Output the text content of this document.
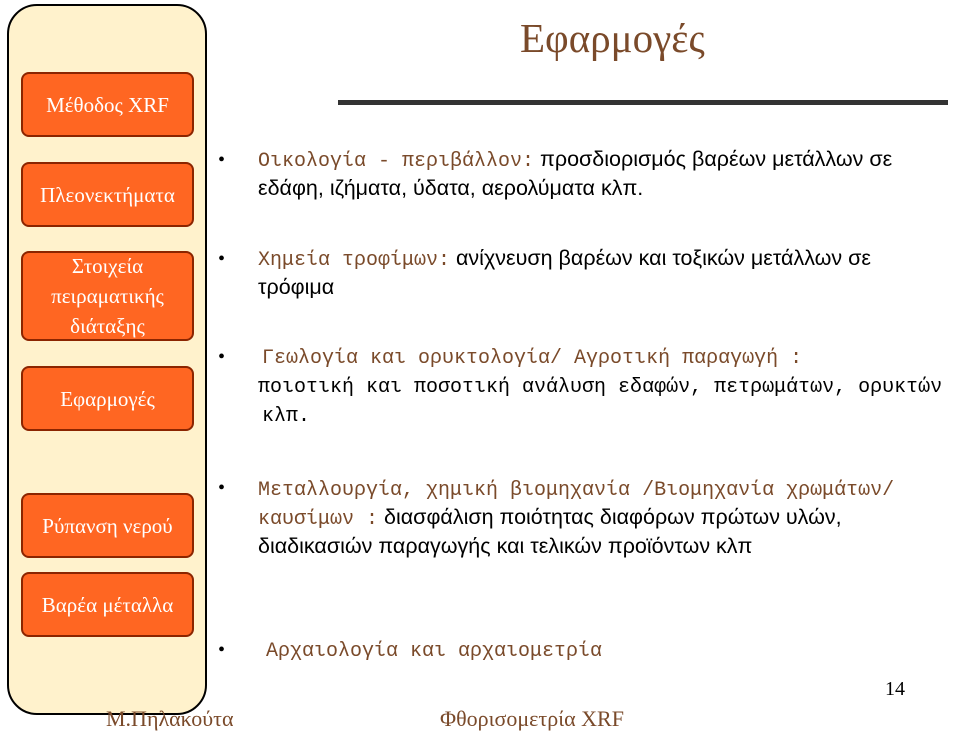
Μέθοδος XRF
Πλεονεκτήματα
Στοιχεία πειραματικής διάταξης
Εφαρμογές
Ρύπανση νερού
Βαρέα μέταλλα
Εφαρμογές
•	Οικολογία - περιβάλλον: προσδιορισμός βαρέων μετάλλων σε εδάφη, ιζήματα, ύδατα, αερολύματα κλπ.
•	Χημεία τροφίμων: ανίχνευση βαρέων και τοξικών μετάλλων σε τρόφιμα
•	Γεωλογία και ορυκτολογία/ Αγροτική παραγωγή :
ποιοτική και ποσοτική ανάλυση εδαφών, πετρωμάτων, ορυκτών κλπ.
•	Μεταλλουργία, χημική βιομηχανία /Βιομηχανία χρωμάτων/καυσίμων : διασφάλιση ποιότητας διαφόρων πρώτων υλών, διαδικασιών παραγωγής και τελικών προϊόντων κλπ
•	Αρχαιολογία και αρχαιομετρία
14
Μ.Πηλακούτα	Φθορισομετρία XRF
